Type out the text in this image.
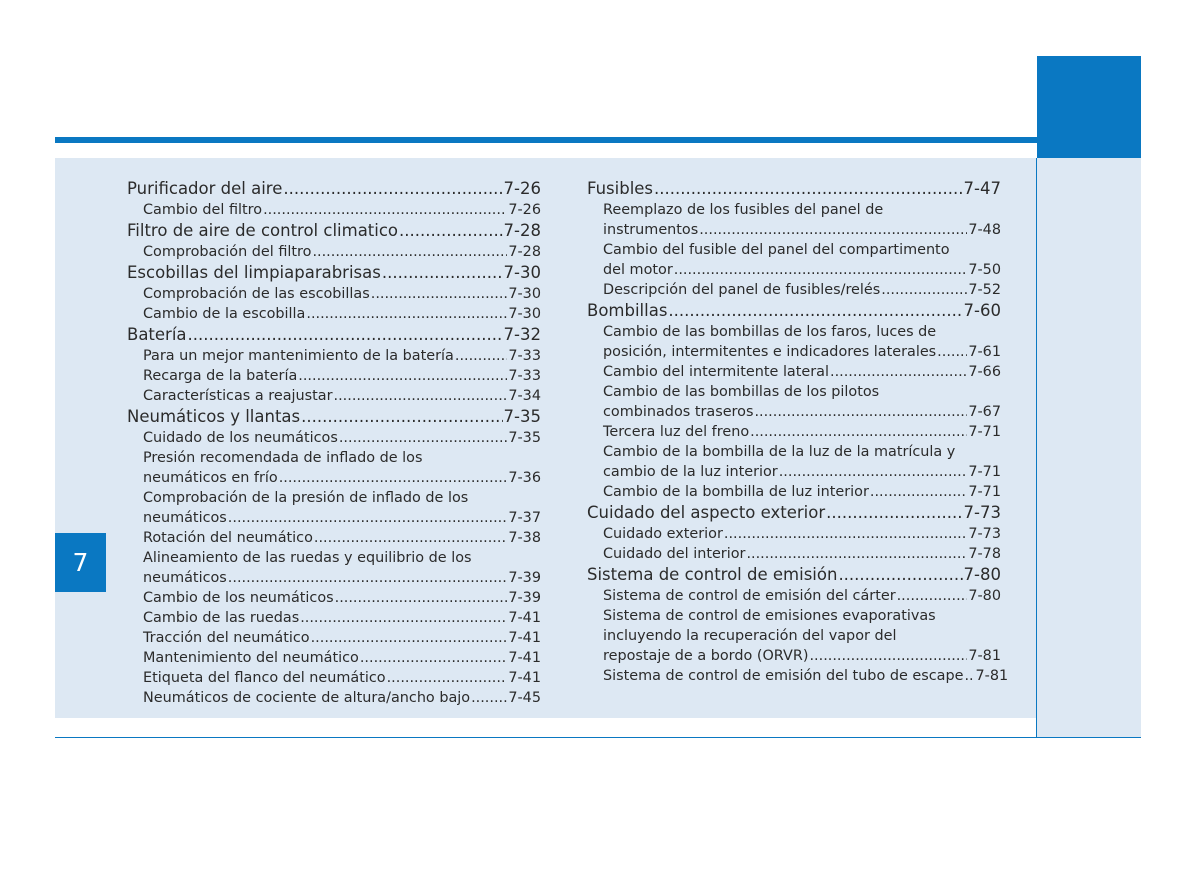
7
Purificador del aire .....	7-26
Cambio del filtro .....	7-26
Filtro de aire de control climatico .....	7-28
Comprobación del filtro .....	7-28
Escobillas del limpiaparabrisas .....	7-30
Comprobación de las escobillas .....	7-30
Cambio de la escobilla .....	7-30
Batería .....	7-32
Para un mejor mantenimiento de la batería .....	7-33
Recarga de la batería .....	7-33
Características a reajustar .....	7-34
Neumáticos y llantas .....	7-35
Cuidado de los neumáticos .....	7-35
Presión recomendada de inflado de los
neumáticos en frío .....	7-36
Comprobación de la presión de inflado de los
neumáticos .....	7-37
Rotación del neumático .....	7-38
Alineamiento de las ruedas y equilibrio de los
neumáticos .....	7-39
Cambio de los neumáticos .....	7-39
Cambio de las ruedas .....	7-41
Tracción del neumático .....	7-41
Mantenimiento del neumático .....	7-41
Etiqueta del flanco del neumático .....	7-41
Neumáticos de cociente de altura/ancho bajo .....	7-45
Fusibles .....	7-47
Reemplazo de los fusibles del panel de
instrumentos .....	7-48
Cambio del fusible del panel del compartimento
del motor .....	7-50
Descripción del panel de fusibles/relés .....	7-52
Bombillas .....	7-60
Cambio de las bombillas de los faros, luces de
posición, intermitentes e indicadores laterales ..... 7-61
Cambio del intermitente lateral .....	7-66
Cambio de las bombillas de los pilotos
combinados traseros .....	7-67
Tercera luz del freno .....	7-71
Cambio de la bombilla de la luz de la matrícula y
cambio de la luz interior .....	7-71
Cambio de la bombilla de luz interior .....	7-71
Cuidado del aspecto exterior .....	7-73
Cuidado exterior .....	7-73
Cuidado del interior .....	7-78
Sistema de control de emisión .....	7-80
Sistema de control de emisión del cárter .....	7-80
Sistema de control de emisiones evaporativas
incluyendo la recuperación del vapor del
repostaje de a bordo (ORVR) .....	7-81
Sistema de control de emisión del tubo de escape ..... 7-81
